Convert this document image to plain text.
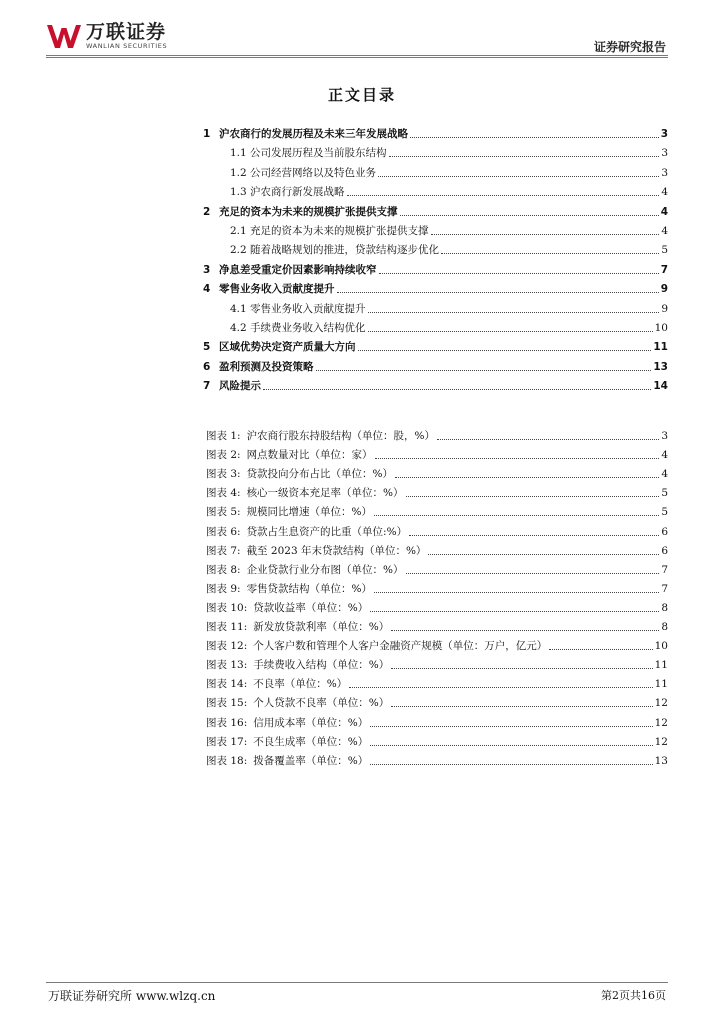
万联证券
WANLIAN SECURITIES	证券研究报告
正文目录
1 沪农商行的发展历程及未来三年发展战略	3
1.1 公司发展历程及当前股东结构	3
1.2 公司经营网络以及特色业务	3
1.3 沪农商行新发展战略	4
2 充足的资本为未来的规模扩张提供支撑	4
2.1 充足的资本为未来的规模扩张提供支撑	4
2.2 随着战略规划的推进，贷款结构逐步优化	5
3 净息差受重定价因素影响持续收窄	7
4 零售业务收入贡献度提升	9
4.1 零售业务收入贡献度提升	9
4.2 手续费业务收入结构优化	10
5 区域优势决定资产质量大方向	11
6 盈利预测及投资策略	13
7 风险提示	14
图表 1: 沪农商行股东持股结构（单位：股，%）	3
图表 2: 网点数量对比（单位：家）	4
图表 3: 贷款投向分布占比（单位：%）	4
图表 4: 核心一级资本充足率（单位：%）	5
图表 5: 规模同比增速（单位：%）	5
图表 6: 贷款占生息资产的比重（单位:%）	6
图表 7: 截至 2023 年末贷款结构（单位：%）	6
图表 8: 企业贷款行业分布图（单位：%）	7
图表 9: 零售贷款结构（单位：%）	7
图表 10: 贷款收益率（单位：%）	8
图表 11: 新发放贷款利率（单位：%）	8
图表 12: 个人客户数和管理个人客户金融资产规模（单位：万户，亿元）	10
图表 13: 手续费收入结构（单位：%）	11
图表 14: 不良率（单位：%）	11
图表 15: 个人贷款不良率（单位：%）	12
图表 16: 信用成本率（单位：%）	12
图表 17: 不良生成率（单位：%）	12
图表 18: 拨备覆盖率（单位：%）	13
万联证券研究所 www.wlzq.cn	第2页共16页
